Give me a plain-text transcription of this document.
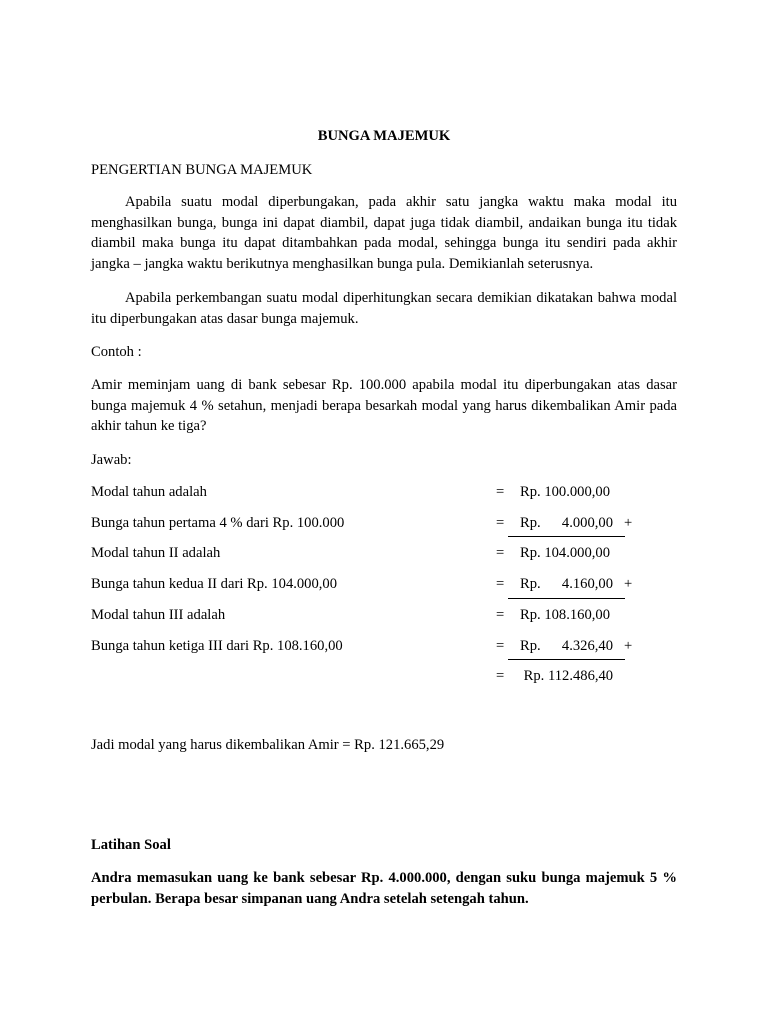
BUNGA MAJEMUK
PENGERTIAN BUNGA MAJEMUK

Apabila suatu modal diperbungakan, pada akhir satu jangka waktu maka modal itu menghasilkan bunga, bunga ini dapat diambil, dapat juga tidak diambil, andaikan bunga itu tidak diambil maka bunga itu dapat ditambahkan pada modal, sehingga bunga itu sendiri pada akhir jangka – jangka waktu berikutnya menghasilkan bunga pula. Demikianlah seterusnya.

Apabila perkembangan suatu modal diperhitungkan secara demikian dikatakan bahwa modal itu diperbungakan atas dasar bunga majemuk.

Contoh :

Amir meminjam uang di bank sebesar Rp. 100.000 apabila modal itu diperbungakan atas dasar bunga majemuk 4 % setahun, menjadi berapa besarkah modal yang harus dikembalikan Amir pada akhir tahun ke tiga?

Jawab:

Modal tahun adalah	= Rp. 100.000,00
Bunga tahun pertama 4 % dari Rp. 100.000	= Rp.	4.000,00 +
Modal tahun II adalah	= Rp. 104.000,00
Bunga tahun kedua II dari Rp. 104.000,00	= Rp.	4.160,00 +
Modal tahun III adalah	= Rp. 108.160,00
Bunga tahun ketiga III dari Rp. 108.160,00	= Rp.	4.326,40 +
= Rp. 112.486,40

Jadi modal yang harus dikembalikan Amir = Rp. 121.665,29

Latihan Soal

Andra memasukan uang ke bank sebesar Rp. 4.000.000, dengan suku bunga majemuk 5 % perbulan. Berapa besar simpanan uang Andra setelah setengah tahun.
